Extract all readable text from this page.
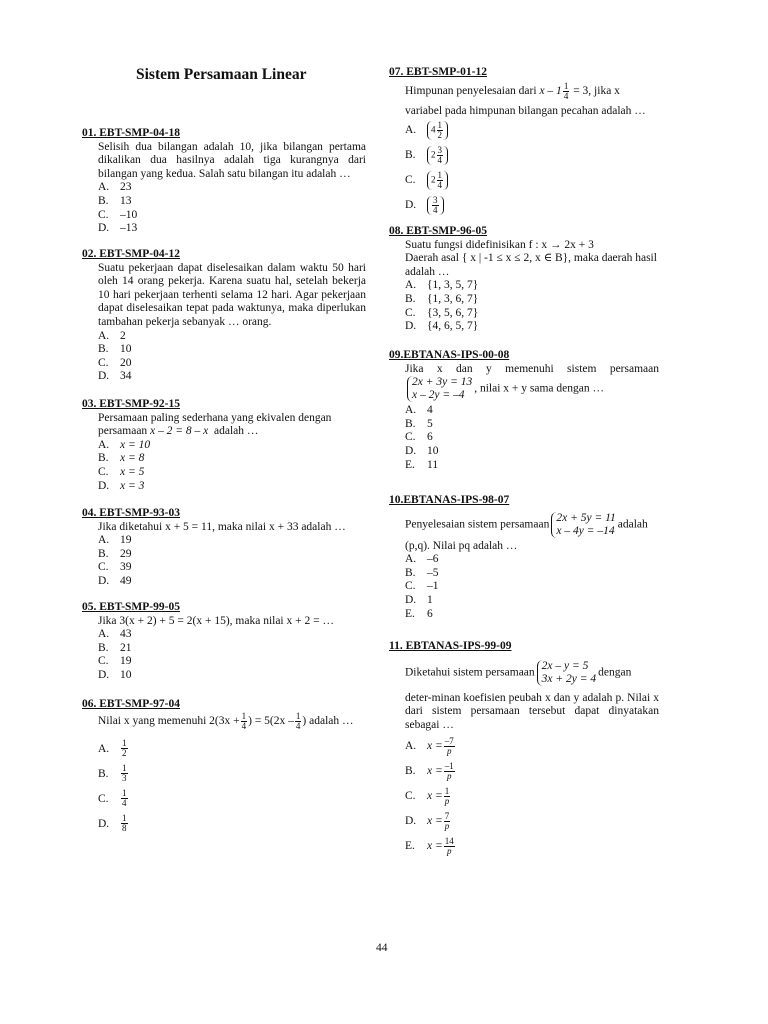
Sistem Persamaan Linear
01. EBT-SMP-04-18
Selisih dua bilangan adalah 10, jika bilangan pertama dikalikan dua hasilnya adalah tiga kurangnya dari bilangan yang kedua. Salah satu bilangan itu adalah …
A. 23
B. 13
C. –10
D. –13
02. EBT-SMP-04-12
Suatu pekerjaan dapat diselesaikan dalam waktu 50 hari oleh 14 orang pekerja. Karena suatu hal, setelah bekerja 10 hari pekerjaan terhenti selama 12 hari. Agar pekerjaan dapat diselesaikan tepat pada waktunya, maka diperlukan tambahan pekerja sebanyak … orang.
A. 2
B. 10
C. 20
D. 34
03. EBT-SMP-92-15
Persamaan paling sederhana yang ekivalen dengan persamaan x – 2 = 8 – x adalah …
A. x = 10
B. x = 8
C. x = 5
D. x = 3
04. EBT-SMP-93-03
Jika diketahui x + 5 = 11, maka nilai x + 33 adalah …
A. 19
B. 29
C. 39
D. 49
05. EBT-SMP-99-05
Jika 3(x + 2) + 5 = 2(x + 15), maka nilai x + 2 = …
A. 43
B. 21
C. 19
D. 10
06. EBT-SMP-97-04
Nilai x yang memenuhi $2(3x + \frac{1}{4}$ ) = $5(2x - \frac{1}{4}$ ) adalah …
A. $\frac{1}{2}$
B. $\frac{1}{3}$
C. $\frac{1}{4}$
D. $\frac{1}{8}$
07. EBT-SMP-01-12
Himpunan penyelesaian dari $x - 1 \frac{1}{4} = 3$, jika x
variabel pada himpunan bilangan pecahan adalah …
A. $4 \frac{1}{2}$
B. $2 \frac{3}{4}$
C. $2 \frac{1}{4}$
D. $\frac{3}{4}$
08. EBT-SMP-96-05
Suatu fungsi didefinisikan f : x → 2x + 3
Daerah asal { x | -1 ≤ x ≤ 2, x ∈ B}, maka daerah hasil adalah …
A. {1, 3, 5, 7}
B. {1, 3, 6, 7}
C. {3, 5, 6, 7}
D. {4, 6, 5, 7}
09.EBTANAS-IPS-00-08
Jika x dan y memenuhi sistem persamaan
2x + 3y = 13
x – 2y = –4
, nilai x + y sama dengan …
A. 4
B. 5
C. 6
D. 10
E. 11
10.EBTANAS-IPS-98-07
Penyelesaian sistem persamaan
2x + 5y = 11
x – 4y = –14
adalah
(p,q). Nilai pq adalah …
A. –6
B. –5
C. –1
D. 1
E. 6
11. EBTANAS-IPS-99-09
Diketahui sistem persamaan
2x – y = 5
3x + 2y = 4
dengan
deter-minan koefisien peubah x dan y adalah p. Nilai x dari sistem persamaan tersebut dapat dinyatakan sebagai …
A. $x = \frac{-7}{p}$
B. $x = \frac{-1}{p}$
C. $x = \frac{1}{p}$
D. $x = \frac{7}{p}$
E. $x = \frac{14}{p}$
44
